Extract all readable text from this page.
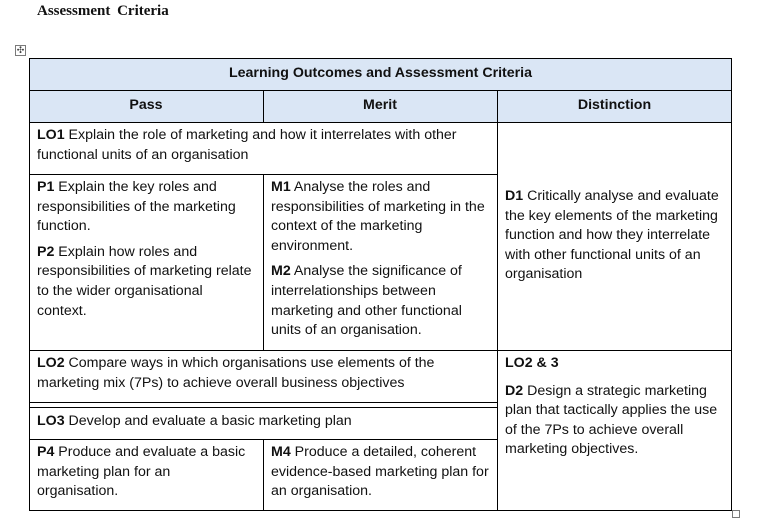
Assessment Criteria
✣
Learning Outcomes and Assessment Criteria
Pass	Merit	Distinction

LO1 Explain the role of marketing and how it interrelates with other functional units of an organisation

P1 Explain the key roles and responsibilities of the marketing function.

P2 Explain how roles and responsibilities of marketing relate to the wider organisational context.

M1 Analyse the roles and responsibilities of marketing in the context of the marketing environment.

M2 Analyse the significance of interrelationships between marketing and other functional units of an organisation.

D1 Critically analyse and evaluate the key elements of the marketing function and how they interrelate with other functional units of an organisation

LO2 Compare ways in which organisations use elements of the marketing mix (7Ps) to achieve overall business objectives

LO3 Develop and evaluate a basic marketing plan

LO2 & 3

D2 Design a strategic marketing plan that tactically applies the use of the 7Ps to achieve overall marketing objectives.

P4 Produce and evaluate a basic marketing plan for an organisation.

M4 Produce a detailed, coherent evidence-based marketing plan for an organisation.
